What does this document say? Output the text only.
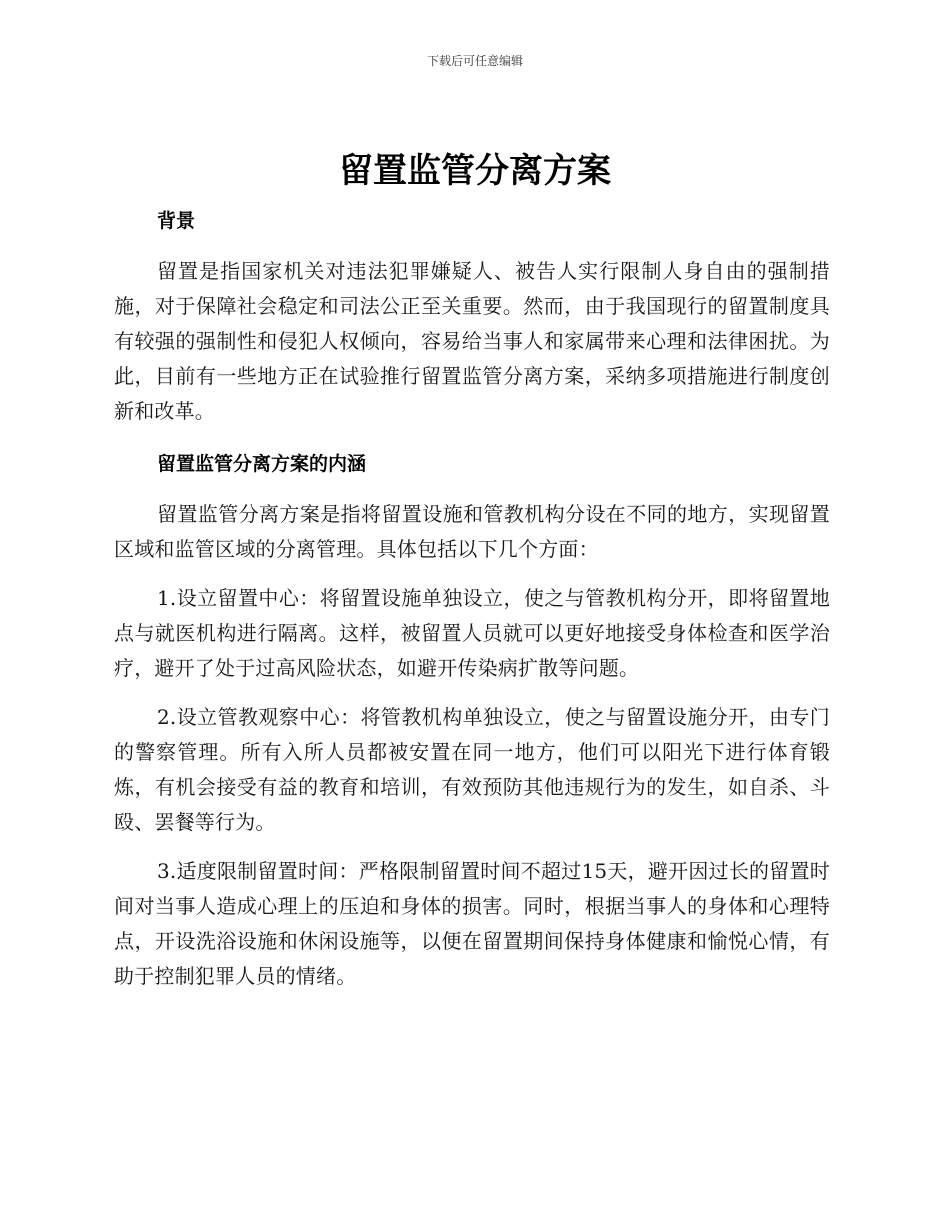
下载后可任意编辑
留置监管分离方案
背景

留置是指国家机关对违法犯罪嫌疑人、被告人实行限制人身自由的强制措施，对于保障社会稳定和司法公正至关重要。然而，由于我国现行的留置制度具有较强的强制性和侵犯人权倾向，容易给当事人和家属带来心理和法律困扰。为此，目前有一些地方正在试验推行留置监管分离方案，采纳多项措施进行制度创新和改革。

留置监管分离方案的内涵

留置监管分离方案是指将留置设施和管教机构分设在不同的地方，实现留置区域和监管区域的分离管理。具体包括以下几个方面：

1.设立留置中心：将留置设施单独设立，使之与管教机构分开，即将留置地点与就医机构进行隔离。这样，被留置人员就可以更好地接受身体检查和医学治疗，避开了处于过高风险状态，如避开传染病扩散等问题。

2.设立管教观察中心：将管教机构单独设立，使之与留置设施分开，由专门的警察管理。所有入所人员都被安置在同一地方，他们可以阳光下进行体育锻炼，有机会接受有益的教育和培训，有效预防其他违规行为的发生，如自杀、斗殴、罢餐等行为。

3.适度限制留置时间：严格限制留置时间不超过15天，避开因过长的留置时间对当事人造成心理上的压迫和身体的损害。同时，根据当事人的身体和心理特点，开设洗浴设施和休闲设施等，以便在留置期间保持身体健康和愉悦心情，有助于控制犯罪人员的情绪。
